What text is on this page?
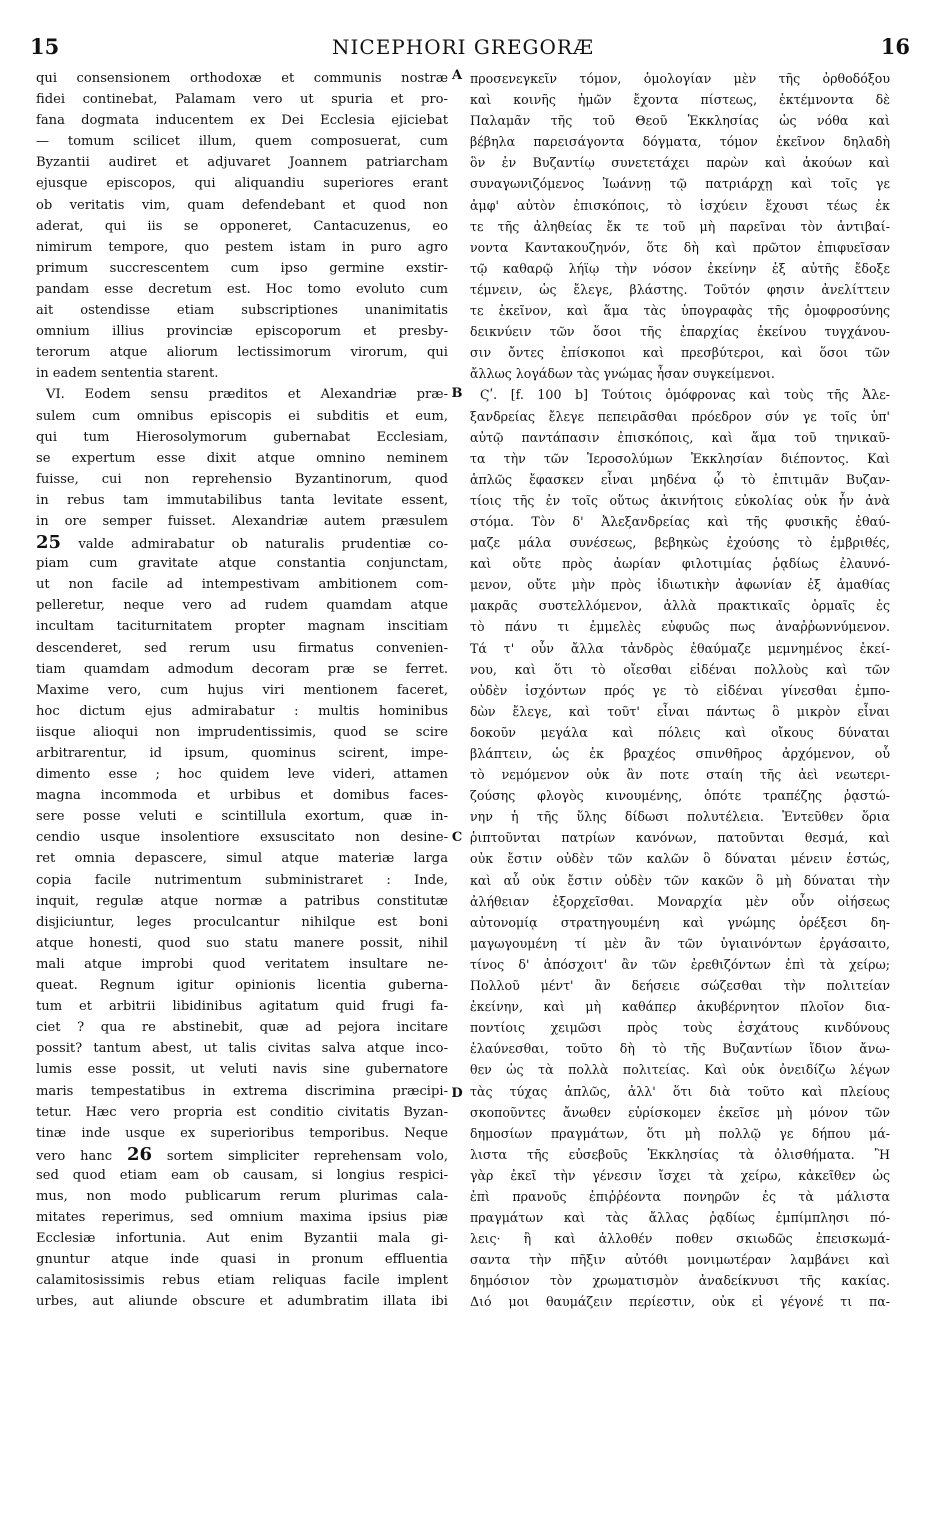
15	NICEPHORI GREGORÆ	16
qui consensionem orthodoxæ et communis nostræ
fidei continebat, Palamam vero ut spuria et pro-
fana dogmata inducentem ex Dei Ecclesia ejiciebat
— tomum scilicet illum, quem composuerat, cum
Byzantii audiret et adjuvaret Joannem patriarcham
ejusque episcopos, qui aliquandiu superiores erant
ob veritatis vim, quam defendebant et quod non
aderat, qui iis se opponeret, Cantacuzenus, eo
nimirum tempore, quo pestem istam in puro agro
primum succrescentem cum ipso germine exstir-
pandam esse decretum est. Hoc tomo evoluto cum
ait ostendisse etiam subscriptiones unanimitatis
omnium illius provinciæ episcoporum et presby-
terorum atque aliorum lectissimorum virorum, qui
in eadem sententia starent.
VI. Eodem sensu præditos et Alexandriæ præ-
sulem cum omnibus episcopis ei subditis et eum,
qui tum Hierosolymorum gubernabat Ecclesiam,
se expertum esse dixit atque omnino neminem
fuisse, cui non reprehensio Byzantinorum, quod
in rebus tam immutabilibus tanta levitate essent,
in ore semper fuisset. Alexandriæ autem præsulem
25 valde admirabatur ob naturalis prudentiæ co-
piam cum gravitate atque constantia conjunctam,
ut non facile ad intempestivam ambitionem com-
pelleretur, neque vero ad rudem quamdam atque
incultam taciturnitatem propter magnam inscitiam
descenderet, sed rerum usu firmatus convenien-
tiam quamdam admodum decoram præ se ferret.
Maxime vero, cum hujus viri mentionem faceret,
hoc dictum ejus admirabatur : multis hominibus
iisque alioqui non imprudentissimis, quod se scire
arbitrarentur, id ipsum, quominus scirent, impe-
dimento esse ; hoc quidem leve videri, attamen
magna incommoda et urbibus et domibus faces-
sere posse veluti e scintillula exortum, quæ in-
cendio usque insolentiore exsuscitato non desine-
ret omnia depascere, simul atque materiæ larga
copia facile nutrimentum subministraret : Inde,
inquit, regulæ atque normæ a patribus constitutæ
disjiciuntur, leges proculcantur nihilque est boni
atque honesti, quod suo statu manere possit, nihil
mali atque improbi quod veritatem insultare ne-
queat. Regnum igitur opinionis licentia guberna-
tum et arbitrii libidinibus agitatum quid frugi fa-
ciet ? qua re abstinebit, quæ ad pejora incitare
possit? tantum abest, ut talis civitas salva atque inco-
lumis esse possit, ut veluti navis sine gubernatore
maris tempestatibus in extrema discrimina præcipi-
tetur. Hæc vero propria est conditio civitatis Byzan-
tinæ inde usque ex superioribus temporibus. Neque
vero hanc 26 sortem simpliciter reprehensam volo,
sed quod etiam eam ob causam, si longius respici-
mus, non modo publicarum rerum plurimas cala-
mitates reperimus, sed omnium maxima ipsius piæ
Ecclesiæ infortunia. Aut enim Byzantii mala gi-
gnuntur atque inde quasi in pronum effluentia
calamitosissimis rebus etiam reliquas facile implent
urbes, aut aliunde obscure et adumbratim illata ibi
προσενεγκεῖν τόμον, ὁμολογίαν μὲν τῆς ὀρθοδόξου
καὶ κοινῆς ἡμῶν ἔχοντα πίστεως, ἐκτέμνοντα δὲ
Παλαμᾶν τῆς τοῦ Θεοῦ Ἐκκλησίας ὡς νόθα καὶ
βέβηλα παρεισάγοντα δόγματα, τόμον ἐκεῖνον δηλαδὴ
ὃν ἐν Βυζαντίῳ συνετετάχει παρὼν καὶ ἀκούων καὶ
συναγωνιζόμενος Ἰωάννῃ τῷ πατριάρχῃ καὶ τοῖς γε
ἀμφ' αὐτὸν ἐπισκόποις, τὸ ἰσχύειν ἔχουσι τέως ἐκ
τε τῆς ἀληθείας ἔκ τε τοῦ μὴ παρεῖναι τὸν ἀντιβαί-
νοντα Καντακουζηνόν, ὅτε δὴ καὶ πρῶτον ἐπιφυεῖσαν
τῷ καθαρῷ λήϊῳ τὴν νόσον ἐκείνην ἐξ αὐτῆς ἔδοξε
τέμνειν, ὡς ἔλεγε, βλάστης. Τοῦτόν φησιν ἀνελίττειν
τε ἐκεῖνον, καὶ ἅμα τὰς ὑπογραφὰς τῆς ὁμοφροσύνης
δεικνύειν τῶν ὅσοι τῆς ἐπαρχίας ἐκείνου τυγχάνου-
σιν ὄντες ἐπίσκοποι καὶ πρεσβύτεροι, καὶ ὅσοι τῶν
ἄλλως λογάδων τὰς γνώμας ἦσαν συγκείμενοι.
Ϛʹ. [f. 100 b] Τούτοις ὁμόφρονας καὶ τοὺς τῆς Ἀλε-
ξανδρείας ἔλεγε πεπειρᾶσθαι πρόεδρον σύν γε τοῖς ὑπ'
αὐτῷ παντάπασιν ἐπισκόποις, καὶ ἅμα τοῦ τηνικαῦ-
τα τὴν τῶν Ἱεροσολύμων Ἐκκλησίαν διέποντος. Καὶ
ἁπλῶς ἔφασκεν εἶναι μηδένα ᾧ τὸ ἐπιτιμᾶν Βυζαν-
τίοις τῆς ἐν τοῖς οὕτως ἀκινήτοις εὐκολίας οὐκ ἦν ἀνὰ
στόμα. Τὸν δ' Ἀλεξανδρείας καὶ τῆς φυσικῆς ἐθαύ-
μαζε μάλα συνέσεως, βεβηκὼς ἐχούσης τὸ ἐμβριθές,
καὶ οὔτε πρὸς ἀωρίαν φιλοτιμίας ῥᾳδίως ἐλαυνό-
μενον, οὔτε μὴν πρὸς ἰδιωτικὴν ἀφωνίαν ἐξ ἀμαθίας
μακρᾶς συστελλόμενον, ἀλλὰ πρακτικαῖς ὁρμαῖς ἐς
τὸ πάνυ τι ἐμμελὲς εὐφυῶς πως ἀναῤῥωννύμενον.
Τά τ' οὖν ἄλλα τἀνδρὸς ἐθαύμαζε μεμνημένος ἐκεί-
νου, καὶ ὅτι τὸ οἴεσθαι εἰδέναι πολλοὺς καὶ τῶν
οὐδὲν ἰσχόντων πρός γε τὸ εἰδέναι γίνεσθαι ἐμπο-
δὼν ἔλεγε, καὶ τοῦτ' εἶναι πάντως ὃ μικρὸν εἶναι
δοκοῦν μεγάλα καὶ πόλεις καὶ οἴκους δύναται
βλάπτειν, ὡς ἐκ βραχέος σπινθῆρος ἀρχόμενον, οὗ
τὸ νεμόμενον οὐκ ἂν ποτε σταίη τῆς ἀεὶ νεωτερι-
ζούσης φλογὸς κινουμένης, ὁπότε τραπέζης ῥᾳστώ-
νην ἡ τῆς ὕλης δίδωσι πολυτέλεια. Ἐντεῦθεν ὅρια
ῥιπτοῦνται πατρίων κανόνων, πατοῦνται θεσμά, καὶ
οὐκ ἔστιν οὐδὲν τῶν καλῶν ὃ δύναται μένειν ἑστώς,
καὶ αὖ οὐκ ἔστιν οὐδὲν τῶν κακῶν ὃ μὴ δύναται τὴν
ἀλήθειαν ἐξορχεῖσθαι. Μοναρχία μὲν οὖν οἰήσεως
αὐτονομίᾳ στρατηγουμένη καὶ γνώμης ὀρέξεσι δη-
μαγωγουμένη τί μὲν ἂν τῶν ὑγιαινόντων ἐργάσαιτο,
τίνος δ' ἀπόσχοιτ' ἂν τῶν ἐρεθιζόντων ἐπὶ τὰ χείρω;
Πολλοῦ μέντ' ἂν δεήσειε σώζεσθαι τὴν πολιτείαν
ἐκείνην, καὶ μὴ καθάπερ ἀκυβέρνητον πλοῖον δια-
ποντίοις χειμῶσι πρὸς τοὺς ἐσχάτους κινδύνους
ἐλαύνεσθαι, τοῦτο δὴ τὸ τῆς Βυζαντίων ἴδιον ἄνω-
θεν ὡς τὰ πολλὰ πολιτείας. Καὶ οὐκ ὀνειδίζω λέγων
τὰς τύχας ἁπλῶς, ἀλλ' ὅτι διὰ τοῦτο καὶ πλείους
σκοποῦντες ἄνωθεν εὑρίσκομεν ἐκεῖσε μὴ μόνον τῶν
δημοσίων πραγμάτων, ὅτι μὴ πολλῷ γε δήπου μά-
λιστα τῆς εὐσεβοῦς Ἐκκλησίας τὰ ὀλισθήματα. Ἢ
γὰρ ἐκεῖ τὴν γένεσιν ἴσχει τὰ χείρω, κἀκεῖθεν ὡς
ἐπὶ πρανοῦς ἐπιῤῥέοντα πονηρῶν ἐς τὰ μάλιστα
πραγμάτων καὶ τὰς ἄλλας ῥᾳδίως ἐμπίμπλησι πό-
λεις· ἢ καὶ ἀλλοθέν ποθεν σκιωδῶς ἐπεισκωμά-
σαντα τὴν πῆξιν αὐτόθι μονιμωτέραν λαμβάνει καὶ
δημόσιον τὸν χρωματισμὸν ἀναδείκνυσι τῆς κακίας.
Διό μοι θαυμάζειν περίεστιν, οὐκ εἰ γέγονέ τι πα-
A
B
C
D
